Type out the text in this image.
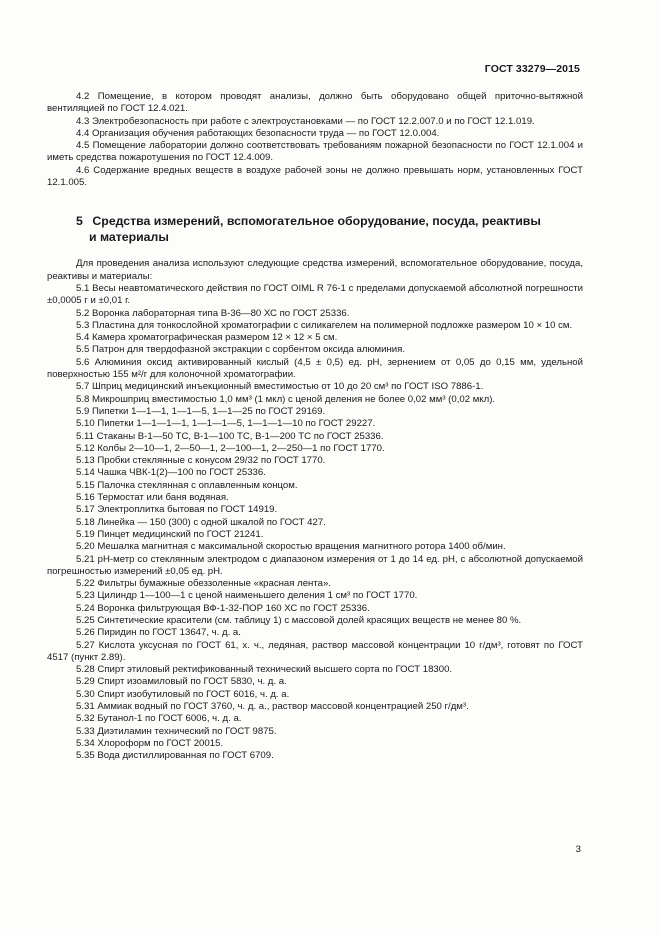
ГОСТ 33279—2015

4.2 Помещение, в котором проводят анализы, должно быть оборудовано общей приточно-вытяжной вентиляцией по ГОСТ 12.4.021.

4.3 Электробезопасность при работе с электроустановками — по ГОСТ 12.2.007.0 и по ГОСТ 12.1.019.

4.4 Организация обучения работающих безопасности труда — по ГОСТ 12.0.004.

4.5 Помещение лаборатории должно соответствовать требованиям пожарной безопасности по ГОСТ 12.1.004 и иметь средства пожаротушения по ГОСТ 12.4.009.

4.6 Содержание вредных веществ в воздухе рабочей зоны не должно превышать норм, установленных ГОСТ 12.1.005.

5 Средства измерений, вспомогательное оборудование, посуда, реактивы
и материалы

Для проведения анализа используют следующие средства измерений, вспомогательное оборудование, посуда, реактивы и материалы:

5.1 Весы неавтоматического действия по ГОСТ OIML R 76-1 с пределами допускаемой абсолютной погрешности ±0,0005 г и ±0,01 г.

5.2 Воронка лабораторная типа В-36—80 ХС по ГОСТ 25336.

5.3 Пластина для тонкослойной хроматографии с силикагелем на полимерной подложке размером 10 × 10 см.

5.4 Камера хроматографическая размером 12 × 12 × 5 см.

5.5 Патрон для твердофазной экстракции с сорбентом оксида алюминия.

5.6 Алюминия оксид активированный кислый (4,5 ± 0,5) ед. рН, зернением от 0,05 до 0,15 мм, удельной поверхностью 155 м²/г для колоночной хроматографии.

5.7 Шприц медицинский инъекционный вместимостью от 10 до 20 см³ по ГОСТ ISO 7886-1.

5.8 Микрошприц вместимостью 1,0 мм³ (1 мкл) с ценой деления не более 0,02 мм³ (0,02 мкл).

5.9 Пипетки 1—1—1, 1—1—5, 1—1—25 по ГОСТ 29169.

5.10 Пипетки 1—1—1—1, 1—1—1—5, 1—1—1—10 по ГОСТ 29227.

5.11 Стаканы В-1—50 ТС, В-1—100 ТС, В-1—200 ТС по ГОСТ 25336.

5.12 Колбы 2—10—1, 2—50—1, 2—100—1, 2—250—1 по ГОСТ 1770.

5.13 Пробки стеклянные с конусом 29/32 по ГОСТ 1770.

5.14 Чашка ЧВК-1(2)—100 по ГОСТ 25336.

5.15 Палочка стеклянная с оплавленным концом.

5.16 Термостат или баня водяная.

5.17 Электроплитка бытовая по ГОСТ 14919.

5.18 Линейка — 150 (300) с одной шкалой по ГОСТ 427.

5.19 Пинцет медицинский по ГОСТ 21241.

5.20 Мешалка магнитная с максимальной скоростью вращения магнитного ротора 1400 об/мин.

5.21 рН-метр со стеклянным электродом с диапазоном измерения от 1 до 14 ед. рН, с абсолютной допускаемой погрешностью измерений ±0,05 ед. рН.

5.22 Фильтры бумажные обеззоленные «красная лента».

5.23 Цилиндр 1—100—1 с ценой наименьшего деления 1 см³ по ГОСТ 1770.

5.24 Воронка фильтрующая ВФ-1-32-ПОР 160 ХС по ГОСТ 25336.

5.25 Синтетические красители (см. таблицу 1) с массовой долей красящих веществ не менее 80 %.

5.26 Пиридин по ГОСТ 13647, ч. д. а.

5.27 Кислота уксусная по ГОСТ 61, х. ч., ледяная, раствор массовой концентрации 10 г/дм³, готовят по ГОСТ 4517 (пункт 2.89).

5.28 Спирт этиловый ректификованный технический высшего сорта по ГОСТ 18300.

5.29 Спирт изоамиловый по ГОСТ 5830, ч. д. а.

5.30 Спирт изобутиловый по ГОСТ 6016, ч. д. а.

5.31 Аммиак водный по ГОСТ 3760, ч. д. а., раствор массовой концентрацией 250 г/дм³.

5.32 Бутанол-1 по ГОСТ 6006, ч. д. а.

5.33 Диэтиламин технический по ГОСТ 9875.

5.34 Хлороформ по ГОСТ 20015.

5.35 Вода дистиллированная по ГОСТ 6709.

3
